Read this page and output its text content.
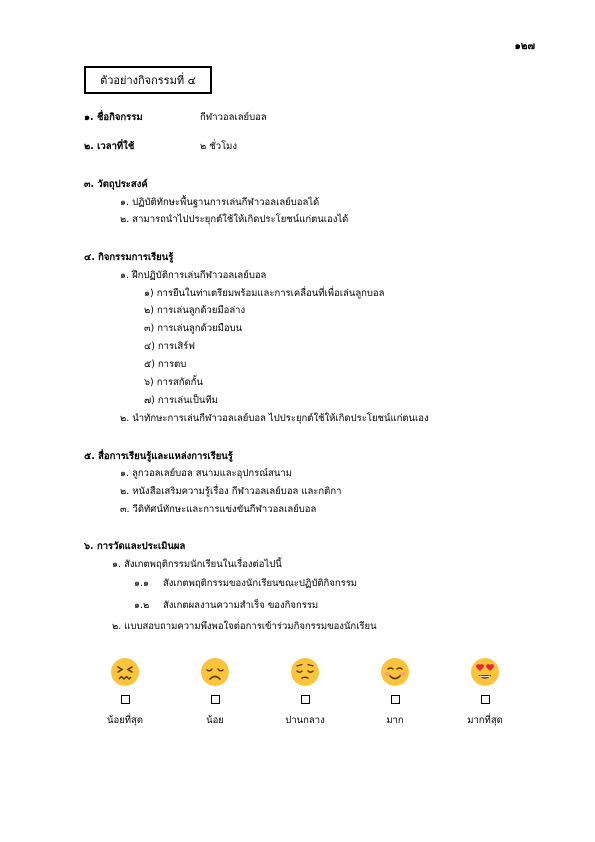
๑๒๗
ตัวอย่างกิจกรรมที่ ๔
๑. ชื่อกิจกรรม	กีฬาวอลเลย์บอล
๒. เวลาที่ใช้	๒ ชั่วโมง
๓. วัตถุประสงค์
๑. ปฏิบัติทักษะพื้นฐานการเล่นกีฬาวอลเลย์บอลได้
๒. สามารถนำไปประยุกต์ใช้ให้เกิดประโยชน์แก่ตนเองได้
๔. กิจกรรมการเรียนรู้
๑. ฝึกปฏิบัติการเล่นกีฬาวอลเลย์บอล
๑) การยืนในท่าเตรียมพร้อมและการเคลื่อนที่เพื่อเล่นลูกบอล
๒) การเล่นลูกด้วยมือล่าง
๓) การเล่นลูกด้วยมือบน
๔) การเสิร์ฟ
๕) การตบ
๖) การสกัดกั้น
๗) การเล่นเป็นทีม
๒. นำทักษะการเล่นกีฬาวอลเลย์บอล ไปประยุกต์ใช้ให้เกิดประโยชน์แก่ตนเอง
๕. สื่อการเรียนรู้และแหล่งการเรียนรู้
๑. ลูกวอลเลย์บอล สนามและอุปกรณ์สนาม
๒. หนังสือเสริมความรู้เรื่อง กีฬาวอลเลย์บอล และกติกา
๓. วีดิทัศน์ทักษะและการแข่งขันกีฬาวอลเลย์บอล
๖. การวัดและประเมินผล
๑. สังเกตพฤติกรรมนักเรียนในเรื่องต่อไปนี้
๑.๑ สังเกตพฤติกรรมของนักเรียนขณะปฏิบัติกิจกรรม
๑.๒ สังเกตผลงานความสำเร็จ ของกิจกรรม
๒. แบบสอบถามความพึงพอใจต่อการเข้าร่วมกิจกรรมของนักเรียน
น้อยที่สุด	น้อย	ปานกลาง	มาก	มากที่สุด
